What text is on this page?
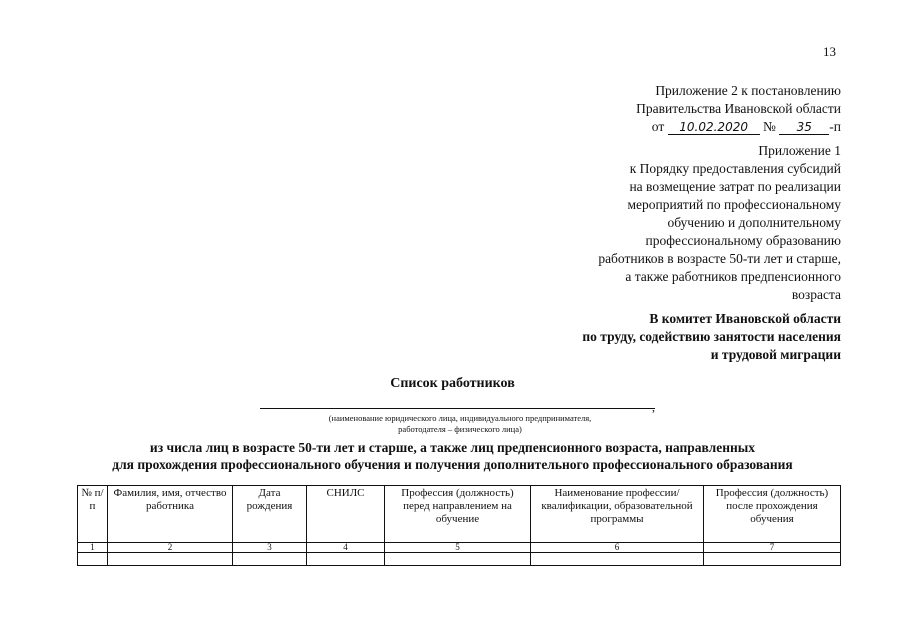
13
Приложение 2 к постановлению
Правительства Ивановской области
от 10.02.2020 № 35 -п
Приложение 1
к Порядку предоставления субсидий
на возмещение затрат по реализации
мероприятий по профессиональному
обучению и дополнительному
профессиональному образованию
работников в возрасте 50-ти лет и старше,
а также работников предпенсионного
возраста
В комитет Ивановской области
по труду, содействию занятости населения
и трудовой миграции
Список работников
,
(наименование юридического лица, индивидуального предпринимателя,
работодателя – физического лица)
из числа лиц в возрасте 50-ти лет и старше, а также лиц предпенсионного возраста, направленных
для прохождения профессионального обучения и получения дополнительного профессионального образования
№ п/п	Фамилия, имя, отчество работника	Дата рождения	СНИЛС	Профессия (должность) перед направлением на обучение	Наименование профессии/квалификации, образовательной программы	Профессия (должность) после прохождения обучения
1	2	3	4	5	6	7
